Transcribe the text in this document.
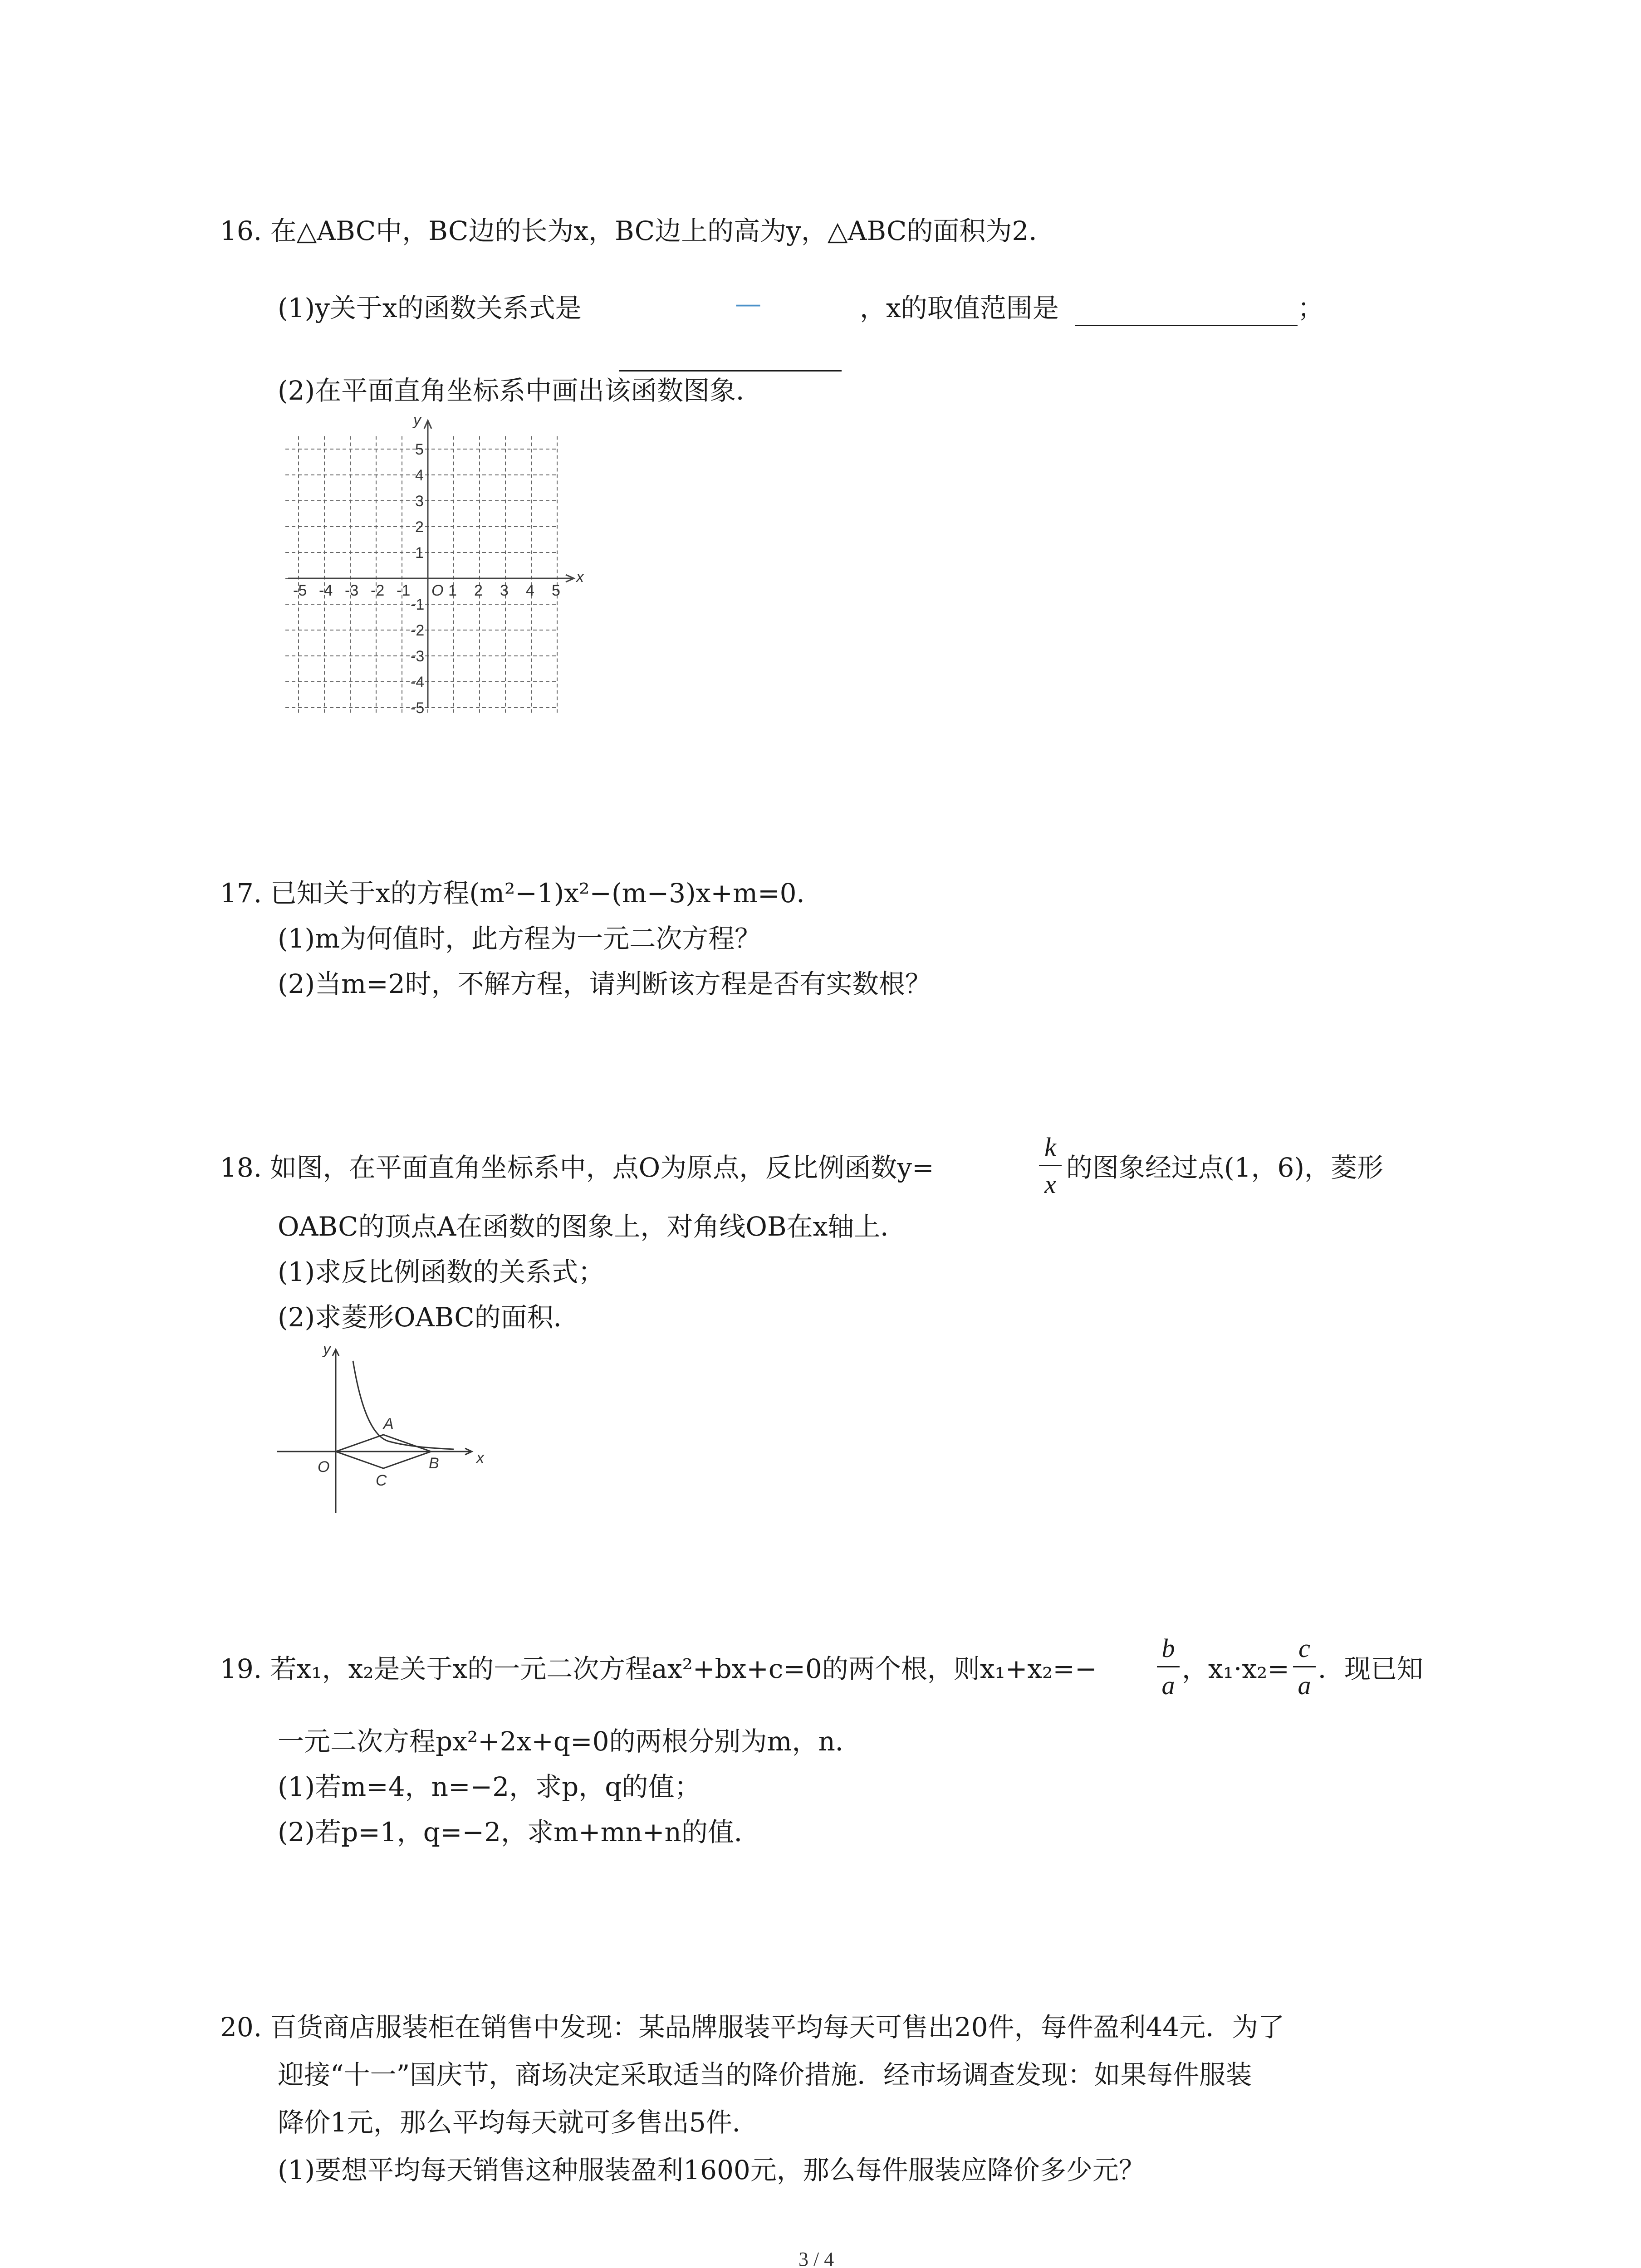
16. 在△ABC中，BC边的长为x，BC边上的高为y，△ABC的面积为2．
(1)y关于x的函数关系式是	—	，x的取值范围是	；
(2)在平面直角坐标系中画出该函数图象．
-5 -4 -3 -2 -1 1 2 3 4 5
5
4
3
2
1
-1
-2
-3
-4
-5
O
x
y
17. 已知关于x的方程(m²−1)x²−(m−3)x+m=0．
(1)m为何值时，此方程为一元二次方程？
(2)当m=2时，不解方程，请判断该方程是否有实数根？
18. 如图，在平面直角坐标系中，点O为原点，反比例函数y=
k
x
的图象经过点(1，6)，菱形
OABC的顶点A在函数的图象上，对角线OB在x轴上．
(1)求反比例函数的关系式；
(2)求菱形OABC的面积．
y
x
O
A
B
C
19. 若x₁，x₂是关于x的一元二次方程ax²+bx+c=0的两个根，则x₁+x₂=−
b
a
，x₁·x₂=
c
a
．现已知
一元二次方程px²+2x+q=0的两根分别为m，n．
(1)若m=4，n=−2，求p，q的值；
(2)若p=1，q=−2，求m+mn+n的值．
20. 百货商店服装柜在销售中发现：某品牌服装平均每天可售出20件，每件盈利44元．为了
迎接“十一”国庆节，商场决定采取适当的降价措施．经市场调查发现：如果每件服装
降价1元，那么平均每天就可多售出5件．
(1)要想平均每天销售这种服装盈利1600元，那么每件服装应降价多少元？
3 / 4
